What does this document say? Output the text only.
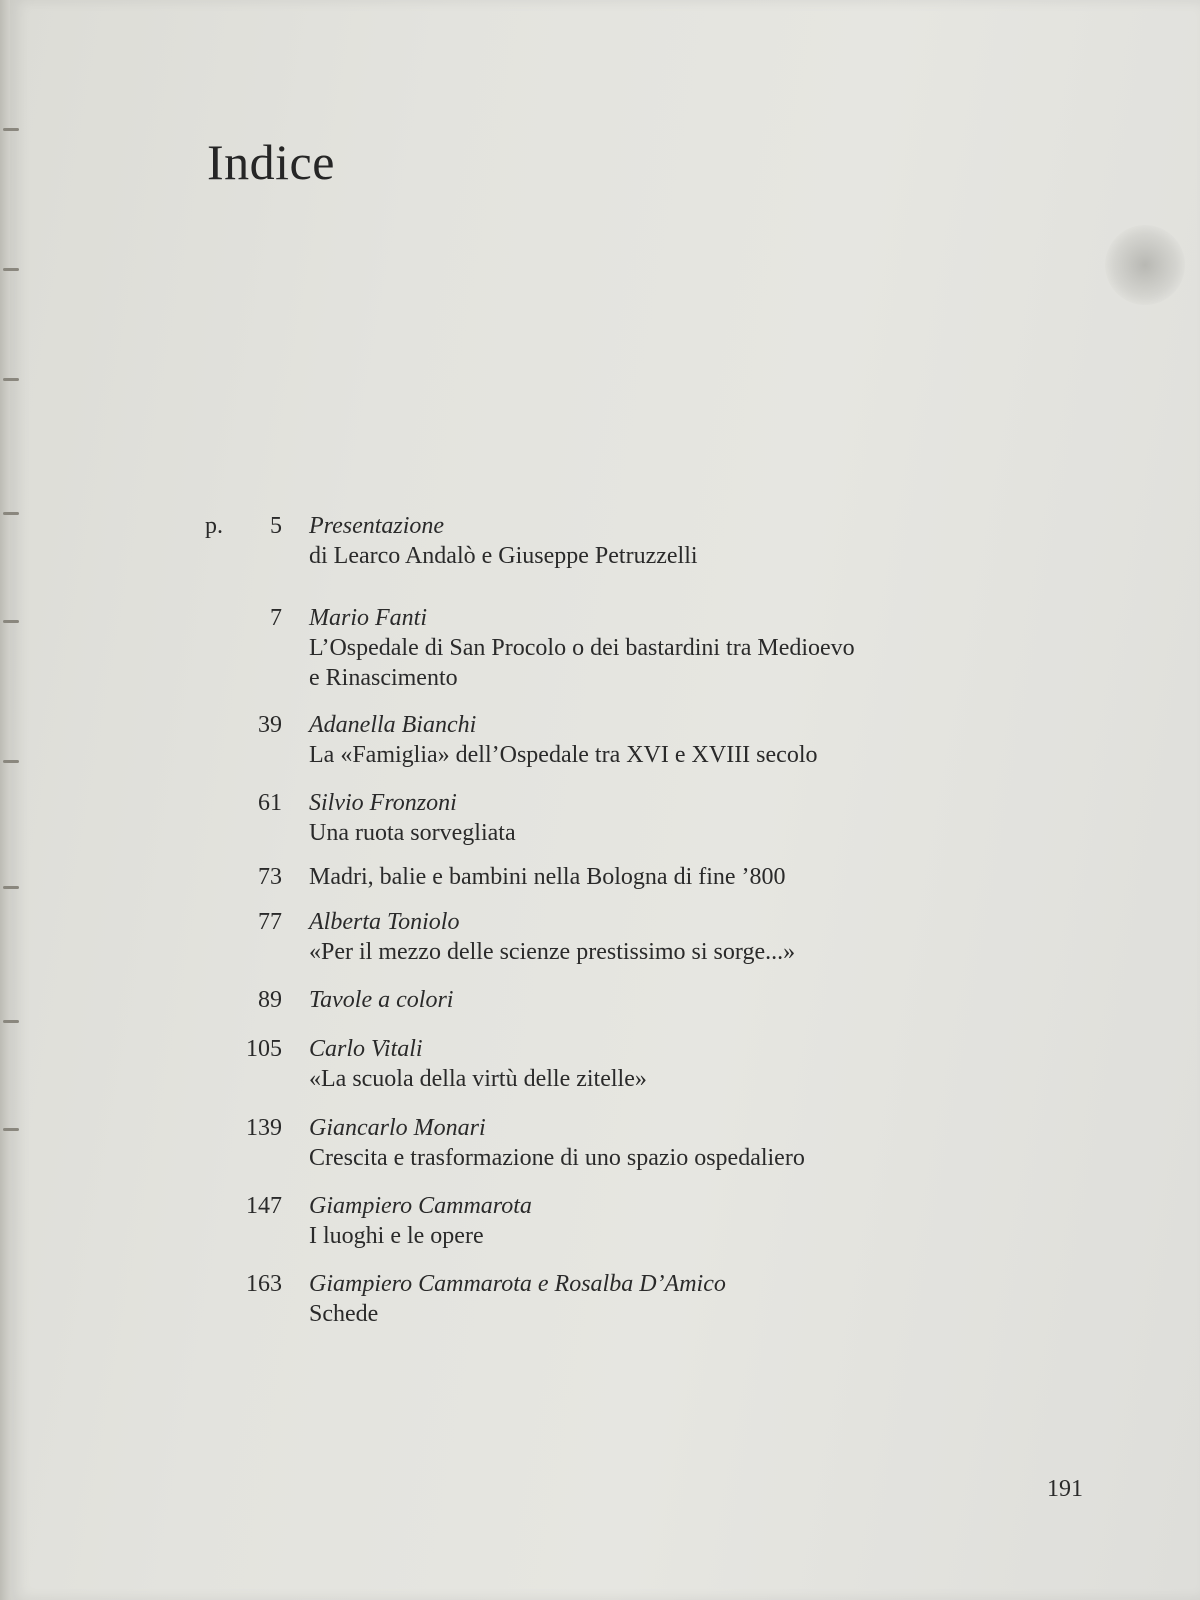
Indice
p.	5 Presentazione
di Learco Andalò e Giuseppe Petruzzelli
7 Mario Fanti
L’Ospedale di San Procolo o dei bastardini tra Medioevo
e Rinascimento
39 Adanella Bianchi
La «Famiglia» dell’Ospedale tra XVI e XVIII secolo
61 Silvio Fronzoni
Una ruota sorvegliata
73 Madri, balie e bambini nella Bologna di fine ’800
77 Alberta Toniolo
«Per il mezzo delle scienze prestissimo si sorge...»
89 Tavole a colori
105 Carlo Vitali
«La scuola della virtù delle zitelle»
139 Giancarlo Monari
Crescita e trasformazione di uno spazio ospedaliero
147 Giampiero Cammarota
I luoghi e le opere
163 Giampiero Cammarota e Rosalba D’Amico
Schede
191
